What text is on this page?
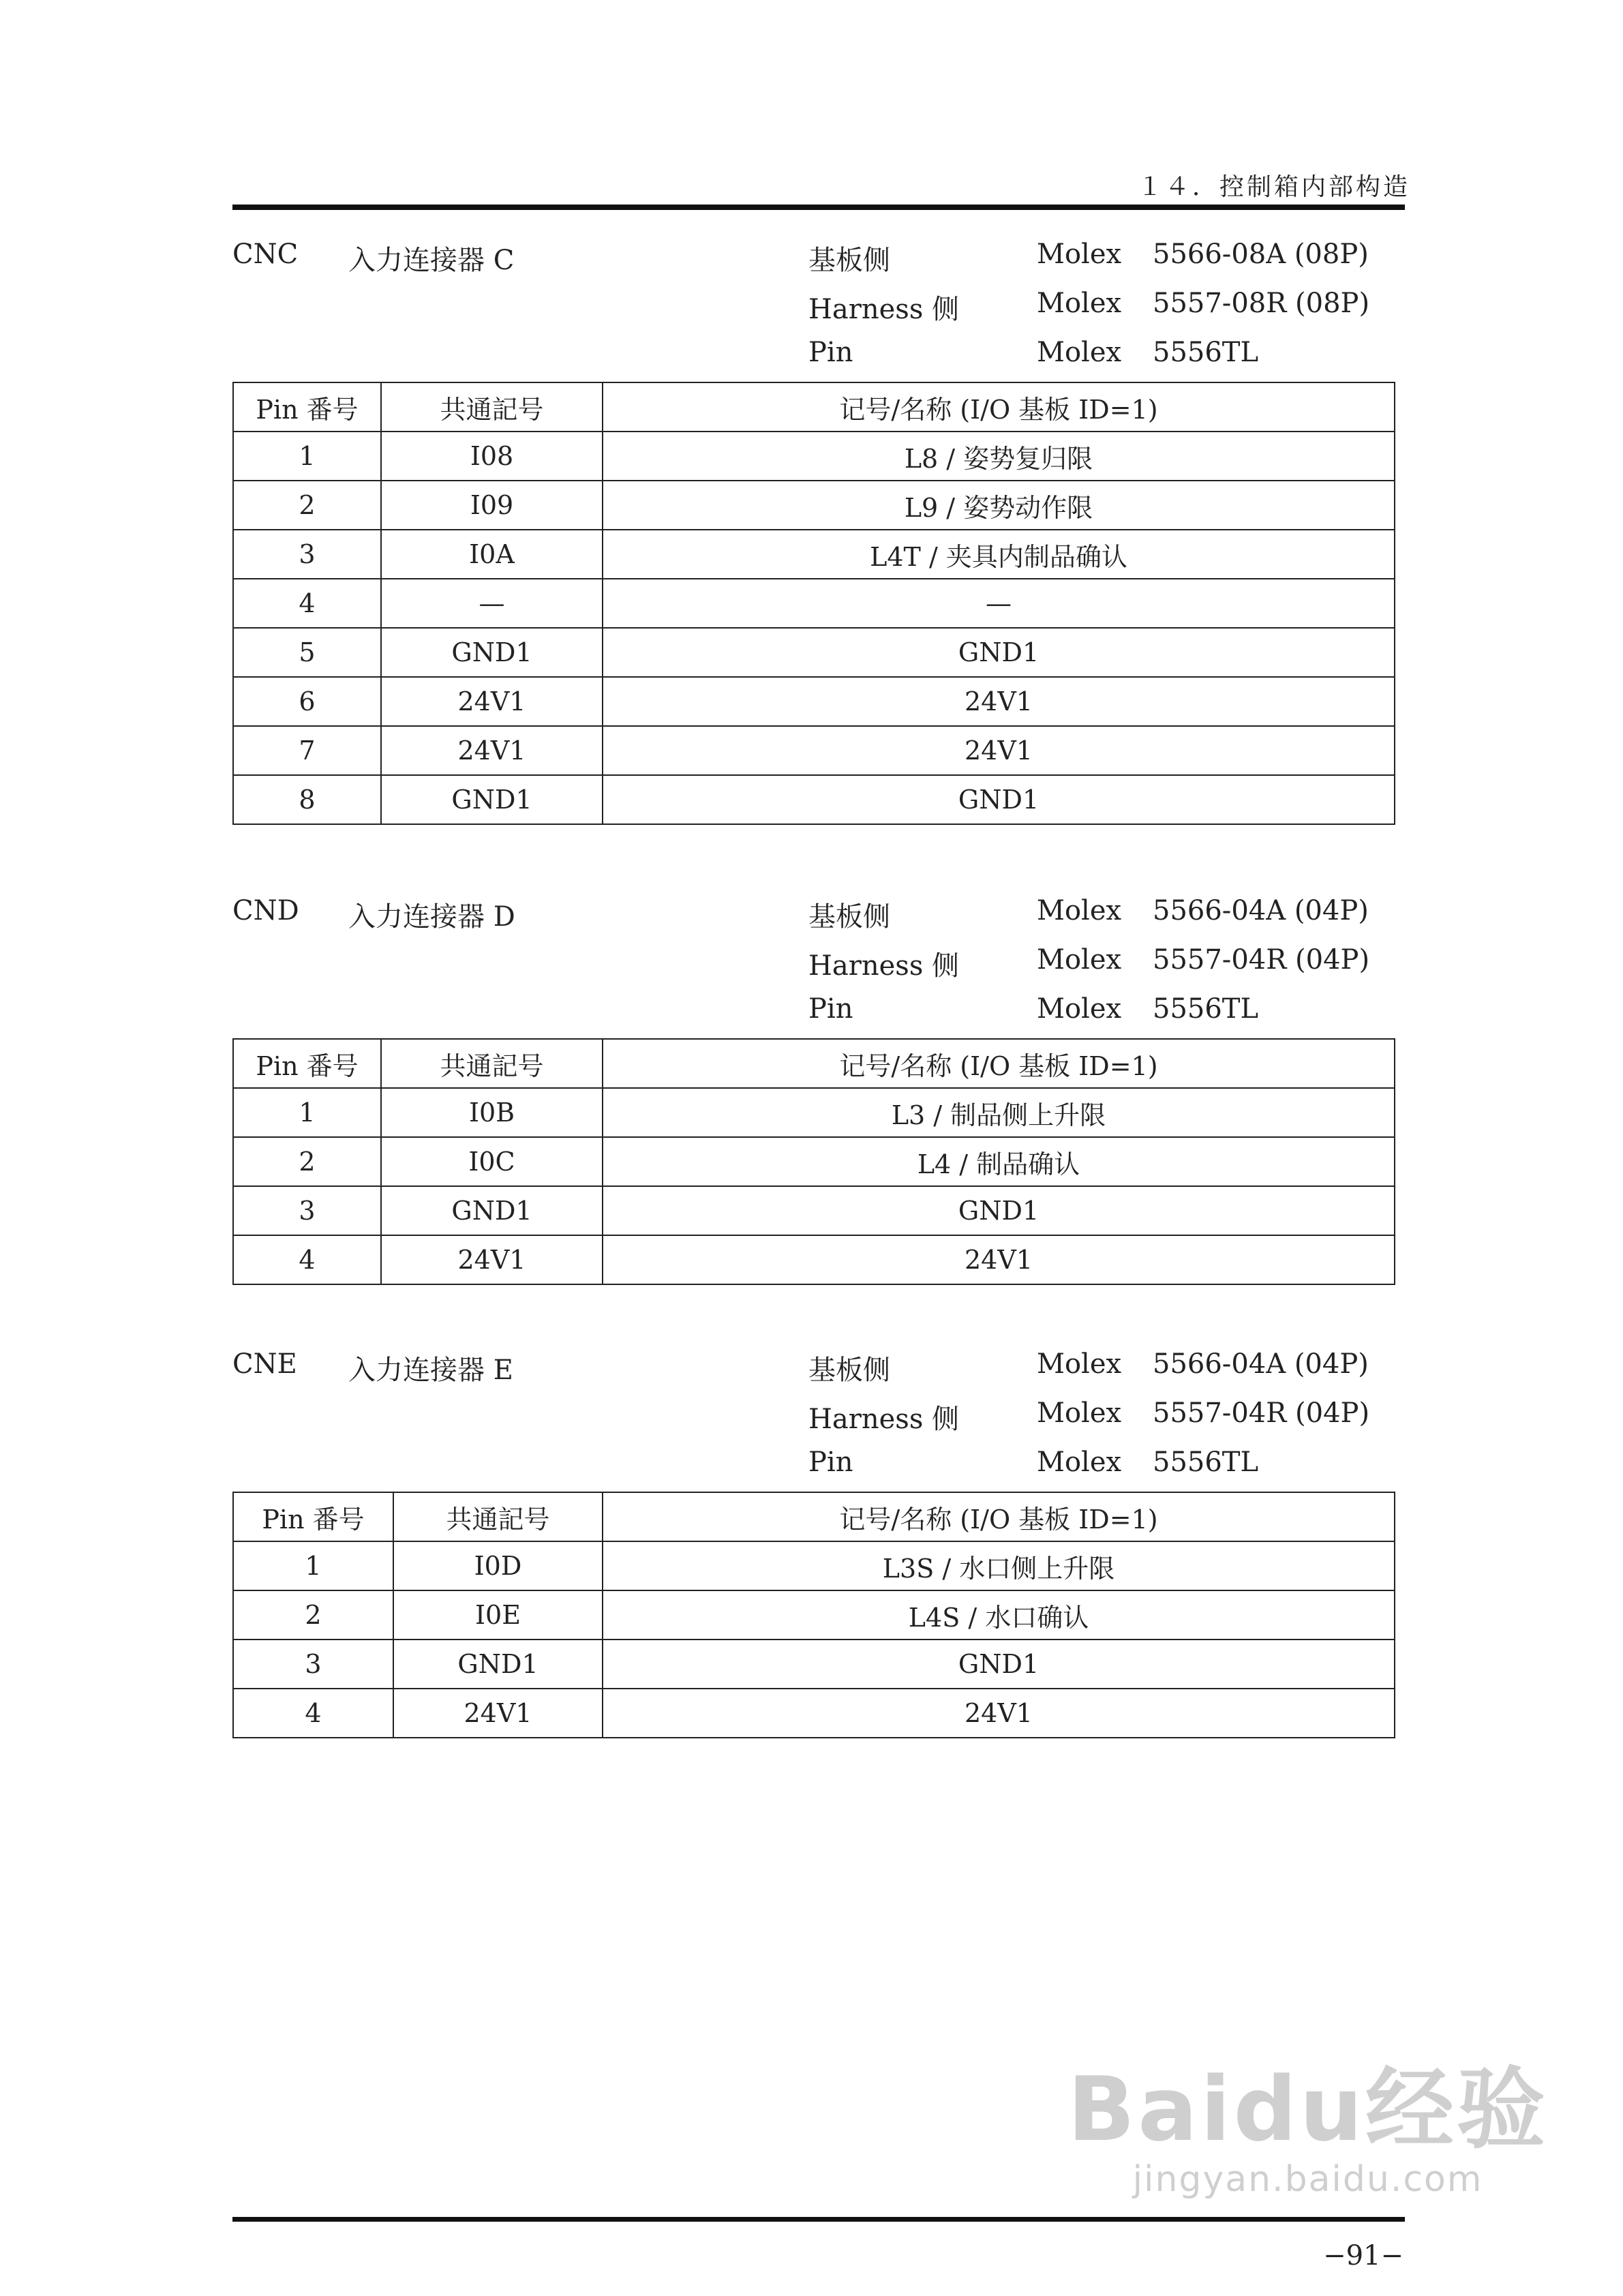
１４．控制箱内部构造
CNC 入力连接器 C	基板侧	Molex 5566-08A (08P)
Harness 侧	Molex 5557-08R (08P)
Pin	Molex 5556TL
Pin 番号	共通記号	记号/名称 (I/O 基板 ID=1)
1	I08	L8 / 姿势复归限
2	I09	L9 / 姿势动作限
3	I0A	L4T / 夹具内制品确认
4	—	—
5	GND1	GND1
6	24V1	24V1
7	24V1	24V1
8	GND1	GND1
CND 入力连接器 D	基板侧	Molex 5566-04A (04P)
Harness 侧	Molex 5557-04R (04P)
Pin	Molex 5556TL
Pin 番号	共通記号	记号/名称 (I/O 基板 ID=1)
1	I0B	L3 / 制品侧上升限
2	I0C	L4 / 制品确认
3	GND1	GND1
4	24V1	24V1
CNE 入力连接器 E	基板侧	Molex 5566-04A (04P)
Harness 侧	Molex 5557-04R (04P)
Pin	Molex 5556TL
Pin 番号	共通記号	记号/名称 (I/O 基板 ID=1)
1	I0D	L3S / 水口侧上升限
2	I0E	L4S / 水口确认
3	GND1	GND1
4	24V1	24V1
Baidu经验
jingyan.baidu.com
−91−
